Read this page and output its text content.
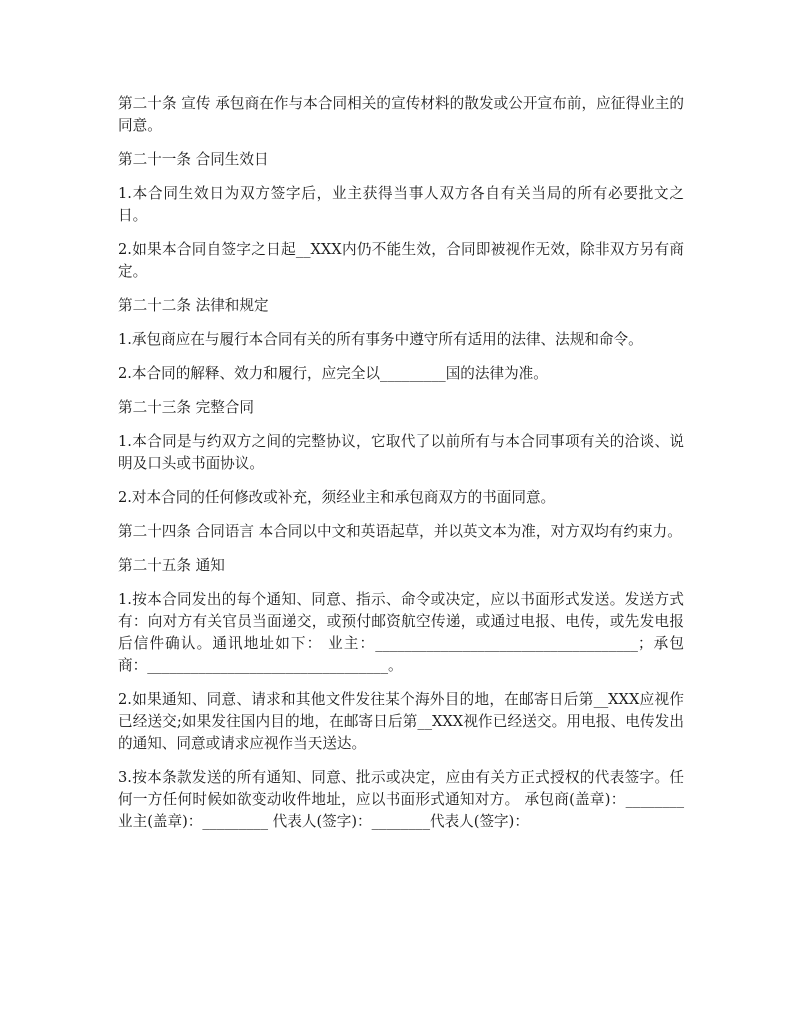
第二十条 宣传 承包商在作与本合同相关的宣传材料的散发或公开宣布前，应征得业主的同意。

第二十一条 合同生效日

1.本合同生效日为双方签字后，业主获得当事人双方各自有关当局的所有必要批文之日。

2.如果本合同自签字之日起__XXX内仍不能生效，合同即被视作无效，除非双方另有商定。

第二十二条 法律和规定

1.承包商应在与履行本合同有关的所有事务中遵守所有适用的法律、法规和命令。

2.本合同的解释、效力和履行，应完全以_________国的法律为准。

第二十三条 完整合同

1.本合同是与约双方之间的完整协议，它取代了以前所有与本合同事项有关的洽谈、说明及口头或书面协议。

2.对本合同的任何修改或补充，须经业主和承包商双方的书面同意。

第二十四条 合同语言 本合同以中文和英语起草，并以英文本为准，对方双均有约束力。

第二十五条 通知

1.按本合同发出的每个通知、同意、指示、命令或决定，应以书面形式发送。发送方式有：向对方有关官员当面递交，或预付邮资航空传递，或通过电报、电传，或先发电报后信件确认。通讯地址如下： 业主：____________________________________；承包商：_________________________________。

2.如果通知、同意、请求和其他文件发往某个海外目的地，在邮寄日后第__XXX应视作已经送交;如果发往国内目的地，在邮寄日后第__XXX视作已经送交。用电报、电传发出的通知、同意或请求应视作当天送达。

3.按本条款发送的所有通知、同意、批示或决定，应由有关方正式授权的代表签字。任何一方任何时候如欲变动收件地址，应以书面形式通知对方。 承包商(盖章)：________业主(盖章)：_________ 代表人(签字)：________代表人(签字)：
